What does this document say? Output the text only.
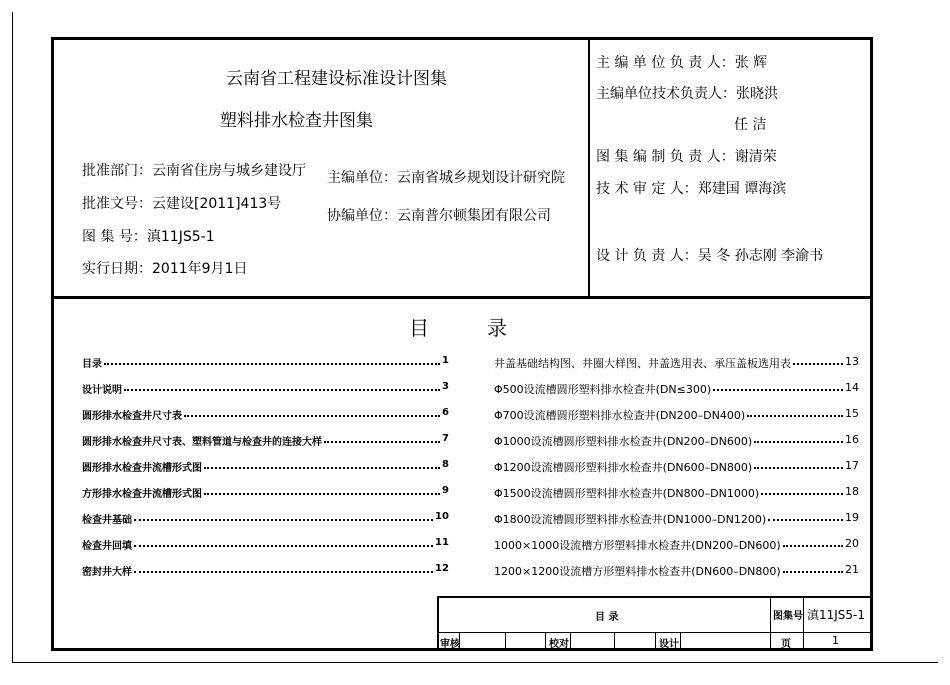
云南省工程建设标准设计图集
塑料排水检查井图集
批准部门：云南省住房与城乡建设厅
批准文号：云建设[2011]413号
图 集 号：滇11JS5-1
实行日期：2011年9月1日
主编单位：云南省城乡规划设计研究院
协编单位：云南普尔顿集团有限公司
主 编 单 位 负 责 人：张 辉
主编单位技术负责人：张晓洪
任 洁
图 集 编 制 负 责 人：谢清荣
技 术 审 定 人：郑建国 谭海滨
设 计 负 责 人：吴 冬 孙志刚 李渝书
目	录
目录	1
设计说明	3
圆形排水检查井尺寸表	6
圆形排水检查井尺寸表、塑料管道与检查井的连接大样	7
圆形排水检查井流槽形式图	8
方形排水检查井流槽形式图	9
检查井基础	10
检查井回填	11
密封井大样	12
井盖基础结构图、井圈大样图、井盖选用表、承压盖板选用表	13
Φ500设流槽圆形塑料排水检查井(DN≤300)	14
Φ700设流槽圆形塑料排水检查井(DN200–DN400)	15
Φ1000设流槽圆形塑料排水检查井(DN200–DN600)	16
Φ1200设流槽圆形塑料排水检查井(DN600–DN800)	17
Φ1500设流槽圆形塑料排水检查井(DN800–DN1000)	18
Φ1800设流槽圆形塑料排水检查井(DN1000–DN1200)	19
1000×1000设流槽方形塑料排水检查井(DN200–DN600)	20
1200×1200设流槽方形塑料排水检查井(DN600–DN800)	21
目 录	图集号 滇11JS5-1
审核	校对	设计	页	1
